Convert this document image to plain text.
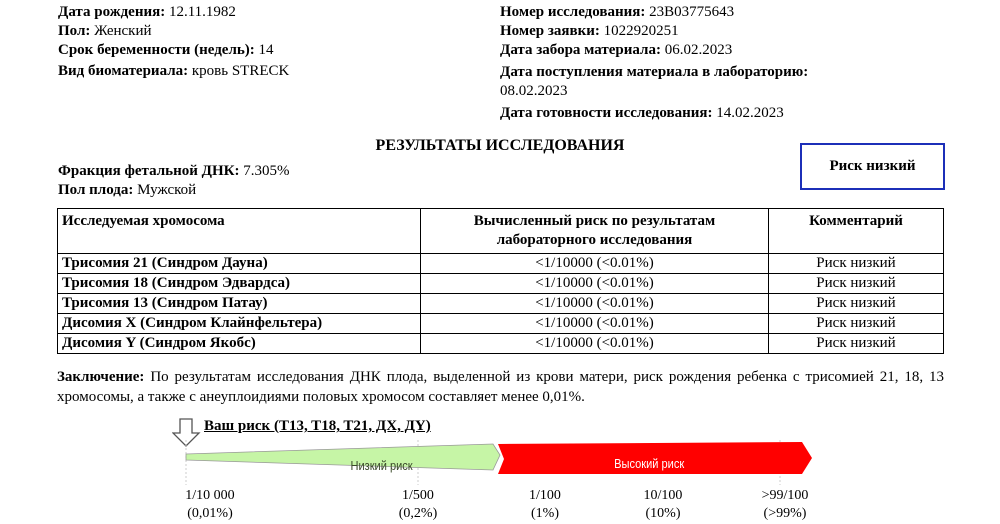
Дата рождения: 12.11.1982
Пол: Женский
Срок беременности (недель): 14
Вид биоматериала: кровь STRECK
Номер исследования: 23B03775643
Номер заявки: 1022920251
Дата забора материала: 06.02.2023
Дата поступления материала в лабораторию:
08.02.2023
Дата готовности исследования: 14.02.2023
РЕЗУЛЬТАТЫ ИССЛЕДОВАНИЯ
Риск низкий
Фракция фетальной ДНК: 7.305%
Пол плода: Мужской
Исследуемая хромосома	Вычисленный риск по результатам лабораторного исследования	Комментарий
Трисомия 21 (Синдром Дауна)	<1/10000 (<0.01%)	Риск низкий
Трисомия 18 (Синдром Эдвардса)	<1/10000 (<0.01%)	Риск низкий
Трисомия 13 (Синдром Патау)	<1/10000 (<0.01%)	Риск низкий
Дисомия X (Синдром Клайнфельтера)	<1/10000 (<0.01%)	Риск низкий
Дисомия Y (Синдром Якобс)	<1/10000 (<0.01%)	Риск низкий
Заключение: По результатам исследования ДНК плода, выделенной из крови матери, риск рождения ребенка с трисомией 21, 18, 13 хромосомы, а также с анеуплоидиями половых хромосом составляет менее 0,01%.
Ваш риск (T13, T18, T21, ДХ, ДY)
Низкий риск	Высокий риск
1/10 000
(0,01%)
1/500
(0,2%)
1/100
(1%)
10/100
(10%)
>99/100
(>99%)
